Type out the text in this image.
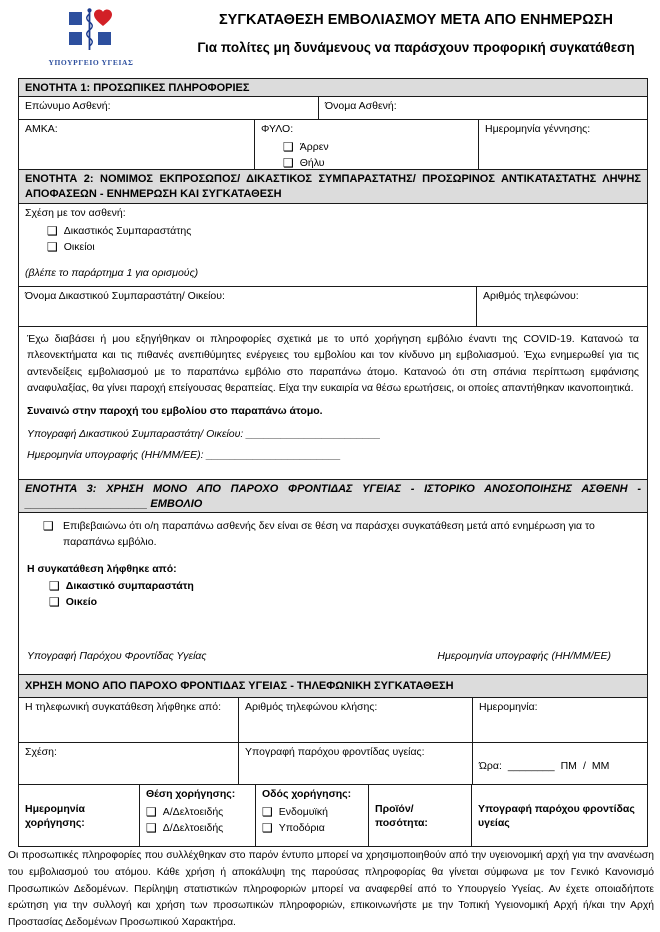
ΥΠΟΥΡΓΕΙΟ ΥΓΕΙΑΣ
ΣΥΓΚΑΤΑΘΕΣΗ ΕΜΒΟΛΙΑΣΜΟΥ ΜΕΤΑ ΑΠΟ ΕΝΗΜΕΡΩΣΗ
Για πολίτες μη δυνάμενους να παράσχουν προφορική συγκατάθεση
ΕΝΟΤΗΤΑ 1: ΠΡΟΣΩΠΙΚΕΣ ΠΛΗΡΟΦΟΡΙΕΣ
Επώνυμο Ασθενή:	Όνομα Ασθενή:
ΑΜΚΑ:	ΦΥΛΟ:
❑ Άρρεν
❑ Θήλυ
Ημερομηνία γέννησης:
ΕΝΟΤΗΤΑ 2: ΝΟΜΙΜΟΣ ΕΚΠΡΟΣΩΠΟΣ/ ΔΙΚΑΣΤΙΚΟΣ ΣΥΜΠΑΡΑΣΤΑΤΗΣ/ ΠΡΟΣΩΡΙΝΟΣ ΑΝΤΙΚΑΤΑΣΤΑΤΗΣ ΛΗΨΗΣ ΑΠΟΦΑΣΕΩΝ - ΕΝΗΜΕΡΩΣΗ ΚΑΙ ΣΥΓΚΑΤΑΘΕΣΗ
Σχέση με τον ασθενή:
❑ Δικαστικός Συμπαραστάτης
❑ Οικείοι
(βλέπε το παράρτημα 1 για ορισμούς)
Όνομα Δικαστικού Συμπαραστάτη/ Οικείου:	Αριθμός τηλεφώνου:
Έχω διαβάσει ή μου εξηγήθηκαν οι πληροφορίες σχετικά με το υπό χορήγηση εμβόλιο έναντι της COVID-19. Κατανοώ τα πλεονεκτήματα και τις πιθανές ανεπιθύμητες ενέργειες του εμβολίου και τον κίνδυνο μη εμβολιασμού. Έχω ενημερωθεί για τις αντενδείξεις εμβολιασμού με το παραπάνω εμβόλιο στο παραπάνω άτομο. Κατανοώ ότι στη σπάνια περίπτωση εμφάνισης αναφυλαξίας, θα γίνει παροχή επείγουσας θεραπείας. Είχα την ευκαιρία να θέσω ερωτήσεις, οι οποίες απαντήθηκαν ικανοποιητικά.
Συναινώ στην παροχή του εμβολίου στο παραπάνω άτομο.
Υπογραφή Δικαστικού Συμπαραστάτη/ Οικείου: _______________________
Ημερομηνία υπογραφής (ΗΗ/ΜΜ/ΕΕ): _______________________
ΕΝΟΤΗΤΑ 3: ΧΡΗΣΗ ΜΟΝΟ ΑΠΟ ΠΑΡΟΧΟ ΦΡΟΝΤΙΔΑΣ ΥΓΕΙΑΣ - ΙΣΤΟΡΙΚΟ ΑΝΟΣΟΠΟΙΗΣΗΣ ΑΣΘΕΝΗ - ____________________ ΕΜΒΟΛΙΟ
❑ Επιβεβαιώνω ότι ο/η παραπάνω ασθενής δεν είναι σε θέση να παράσχει συγκατάθεση μετά από ενημέρωση για το παραπάνω εμβόλιο.
Η συγκατάθεση λήφθηκε από:
❑ Δικαστικό συμπαραστάτη
❑ Οικείο
Υπογραφή Παρόχου Φροντίδας Υγείας	Ημερομηνία υπογραφής (ΗΗ/ΜΜ/ΕΕ)
ΧΡΗΣΗ ΜΟΝΟ ΑΠΟ ΠΑΡΟΧΟ ΦΡΟΝΤΙΔΑΣ ΥΓΕΙΑΣ - ΤΗΛΕΦΩΝΙΚΗ ΣΥΓΚΑΤΑΘΕΣΗ
Η τηλεφωνική συγκατάθεση λήφθηκε από:	Αριθμός τηλεφώνου κλήσης:	Ημερομηνία:
Σχέση:	Υπογραφή παρόχου φροντίδας υγείας:
Ώρα: ________ ΠΜ / ΜΜ
Ημερομηνία χορήγησης:
Θέση χορήγησης:
❑ Α/Δελτοειδής
❑ Δ/Δελτοειδής
Οδός χορήγησης:
❑ Ενδομυϊκή
❑ Υποδόρια
Προϊόν/ ποσότητα:
Υπογραφή παρόχου φροντίδας υγείας
Οι προσωπικές πληροφορίες που συλλέχθηκαν στο παρόν έντυπο μπορεί να χρησιμοποιηθούν από την υγειονομική αρχή για την ανανέωση του εμβολιασμού του ατόμου. Κάθε χρήση ή αποκάλυψη της παρούσας πληροφορίας θα γίνεται σύμφωνα με τον Γενικό Κανονισμό Προσωπικών Δεδομένων. Περίληψη στατιστικών πληροφοριών μπορεί να αναφερθεί από το Υπουργείο Υγείας. Αν έχετε οποιαδήποτε ερώτηση για την συλλογή και χρήση των προσωπικών πληροφοριών, επικοινωνήστε με την Τοπική Υγειονομική Αρχή ή/και την Αρχή Προστασίας Δεδομένων Προσωπικού Χαρακτήρα.
